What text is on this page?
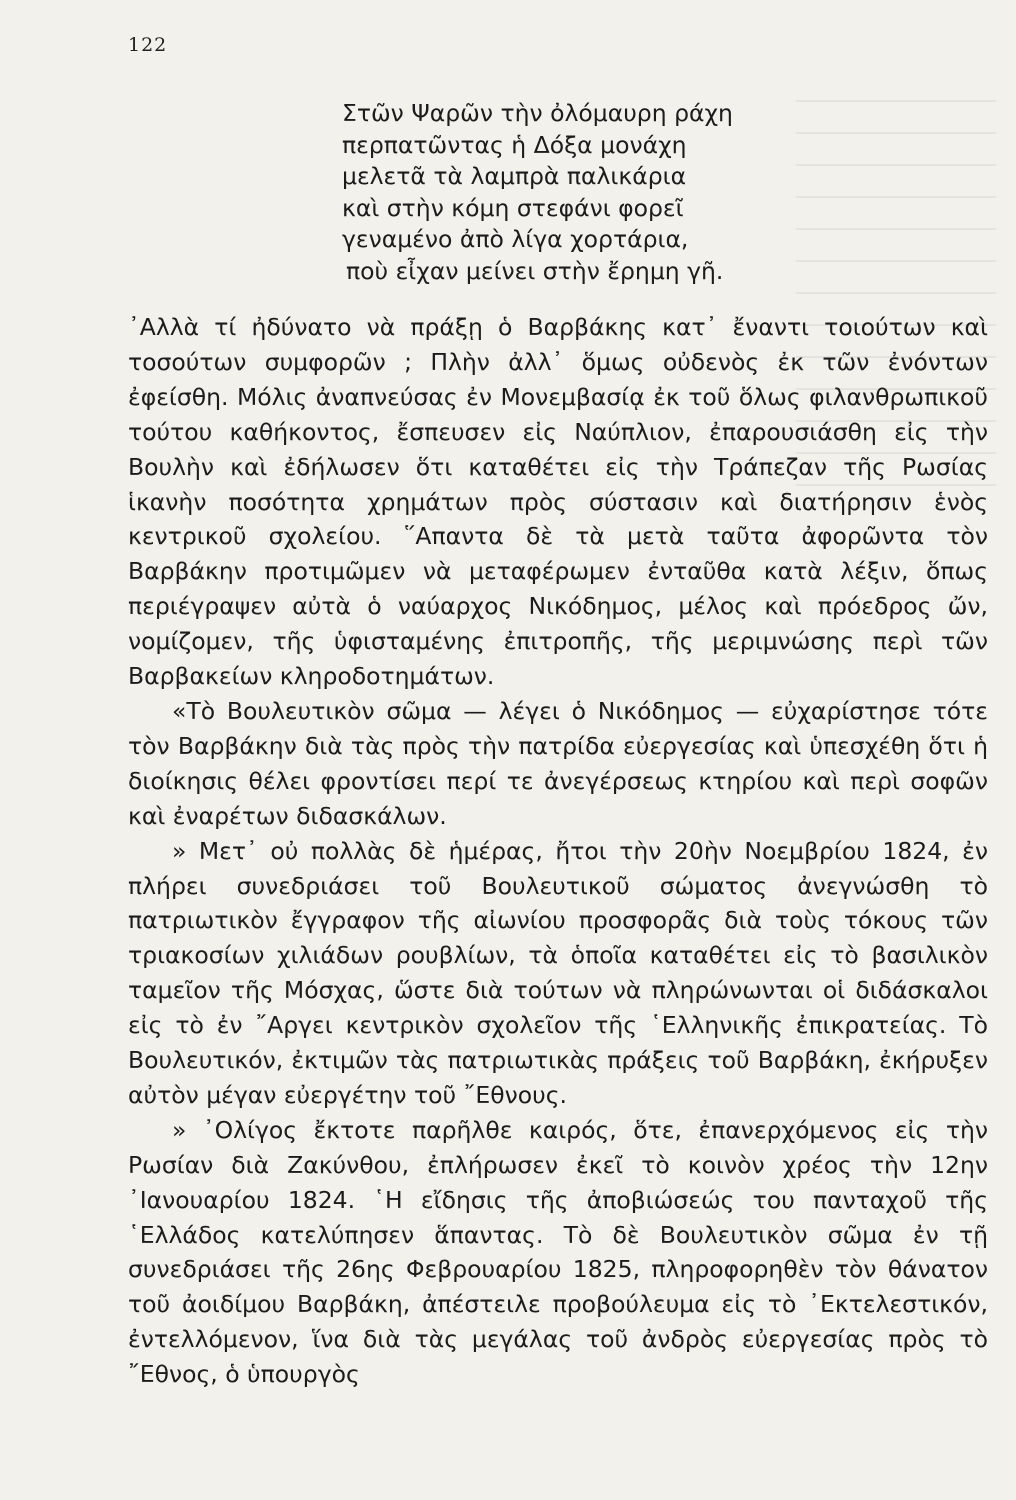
122
Στῶν Ψαρῶν τὴν ὀλόμαυρη ράχη
περπατῶντας ἡ Δόξα μονάχη
μελετᾶ τὰ λαμπρὰ παλικάρια
καὶ στὴν κόμη στεφάνι φορεῖ
γεναμένο ἀπὸ λίγα χορτάρια,
ποὺ εἶχαν μείνει στὴν ἔρημη γῆ.

᾿Αλλὰ τί ἠδύνατο νὰ πράξῃ ὁ Βαρβάκης κατ᾿ ἔναντι τοιούτων καὶ τοσούτων συμφορῶν ; Πλὴν ἀλλ᾿ ὅμως οὐδενὸς ἐκ τῶν ἐνόντων ἐφείσθη. Μόλις ἀναπνεύσας ἐν Μονεμβασίᾳ ἐκ τοῦ ὅλως φιλανθρωπικοῦ τούτου καθήκοντος, ἔσπευσεν εἰς Ναύπλιον, ἐπαρουσιάσθη εἰς τὴν Βουλὴν καὶ ἐδήλωσεν ὅτι καταθέτει εἰς τὴν Τράπεζαν τῆς Ρωσίας ἱκανὴν ποσότητα χρημάτων πρὸς σύστασιν καὶ διατήρησιν ἑνὸς κεντρικοῦ σχολείου. ῞Απαντα δὲ τὰ μετὰ ταῦτα ἀφορῶντα τὸν Βαρβάκην προτιμῶμεν νὰ μεταφέρωμεν ἐνταῦθα κατὰ λέξιν, ὅπως περιέγραψεν αὐτὰ ὁ ναύαρχος Νικόδημος, μέλος καὶ πρόεδρος ὤν, νομίζομεν, τῆς ὑφισταμένης ἐπιτροπῆς, τῆς μεριμνώσης περὶ τῶν Βαρβακείων κληροδοτημάτων.

«Τὸ Βουλευτικὸν σῶμα — λέγει ὁ Νικόδημος — εὐχαρίστησε τότε τὸν Βαρβάκην διὰ τὰς πρὸς τὴν πατρίδα εὐεργεσίας καὶ ὑπεσχέθη ὅτι ἡ διοίκησις θέλει φροντίσει περί τε ἀνεγέρσεως κτηρίου καὶ περὶ σοφῶν καὶ ἐναρέτων διδασκάλων.

» Μετ᾿ οὐ πολλὰς δὲ ἡμέρας, ἤτοι τὴν 20ὴν Νοεμβρίου 1824, ἐν πλήρει συνεδριάσει τοῦ Βουλευτικοῦ σώματος ἀνεγνώσθη τὸ πατριωτικὸν ἔγγραφον τῆς αἰωνίου προσφορᾶς διὰ τοὺς τόκους τῶν τριακοσίων χιλιάδων ρουβλίων, τὰ ὁποῖα καταθέτει εἰς τὸ βασιλικὸν ταμεῖον τῆς Μόσχας, ὥστε διὰ τούτων νὰ πληρώνωνται οἱ διδάσκαλοι εἰς τὸ ἐν ῎Αργει κεντρικὸν σχολεῖον τῆς ῾Ελληνικῆς ἐπικρατείας. Τὸ Βουλευτικόν, ἐκτιμῶν τὰς πατριωτικὰς πράξεις τοῦ Βαρβάκη, ἐκήρυξεν αὐτὸν μέγαν εὐεργέτην τοῦ ῎Εθνους.

» ᾿Ολίγος ἔκτοτε παρῆλθε καιρός, ὅτε, ἐπανερχόμενος εἰς τὴν Ρωσίαν διὰ Ζακύνθου, ἐπλήρωσεν ἐκεῖ τὸ κοινὸν χρέος τὴν 12ην ᾿Ιανουαρίου 1824. ῾Η εἴδησις τῆς ἀποβιώσεώς του πανταχοῦ τῆς ῾Ελλάδος κατελύπησεν ἅπαντας. Τὸ δὲ Βουλευτικὸν σῶμα ἐν τῇ συνεδριάσει τῆς 26ης Φεβρουαρίου 1825, πληροφορηθὲν τὸν θάνατον τοῦ ἀοιδίμου Βαρβάκη, ἀπέστειλε προβούλευμα εἰς τὸ ᾿Εκτελεστικόν, ἐντελλόμενον, ἵνα διὰ τὰς μεγάλας τοῦ ἀνδρὸς εὐεργεσίας πρὸς τὸ ῎Εθνος, ὁ ὑπουργὸς
